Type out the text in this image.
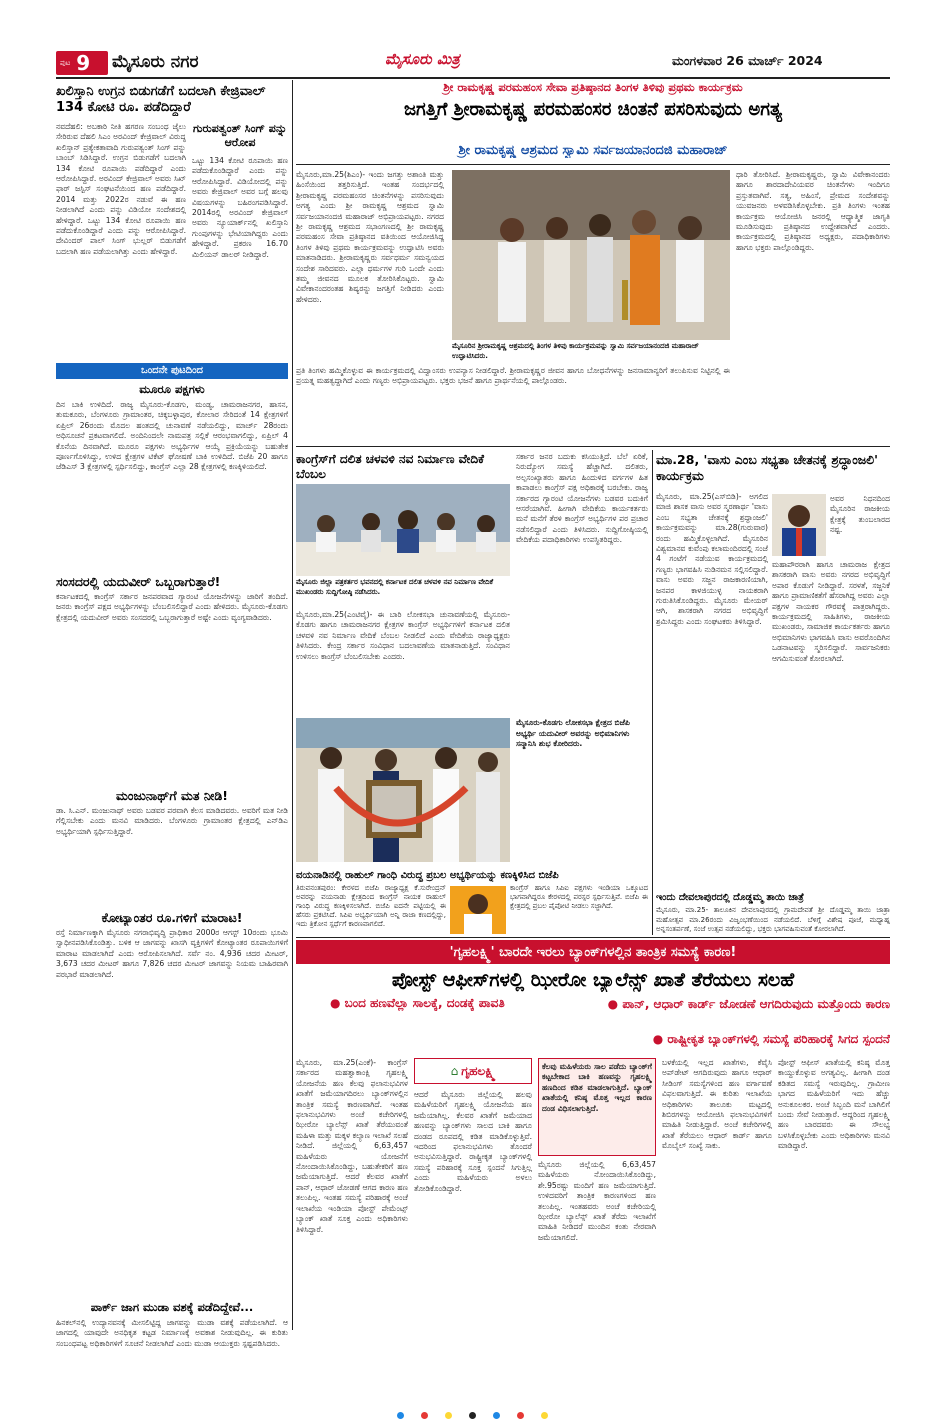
ಪುಟ 9 ಮೈಸೂರು ನಗರ	ಮೈಸೂರು ಮಿತ್ರ	ಮಂಗಳವಾರ 26 ಮಾರ್ಚ್ 2024
ಖಲಿಸ್ತಾನಿ ಉಗ್ರನ ಬಿಡುಗಡೆಗೆ ಬದಲಾಗಿ ಕೇಜ್ರಿವಾಲ್ 134 ಕೋಟಿ ರೂ. ಪಡೆದಿದ್ದಾರೆ
ನವದೆಹಲಿ: ಅಬಕಾರಿ ನೀತಿ ಹಗರಣ ಸಂಬಂಧ ಜೈಲು ಸೇರಿರುವ ದೆಹಲಿ ಸಿಎಂ ಅರವಿಂದ್ ಕೇಜ್ರಿವಾಲ್ ವಿರುದ್ಧ ಖಲಿಸ್ತಾನ್ ಪ್ರತ್ಯೇಕತಾವಾದಿ ಗುರುಪತ್ವಂತ್ ಸಿಂಗ್ ಪನ್ನು ಬಾಂಬ್ ಸಿಡಿಸಿದ್ದಾರೆ. ಉಗ್ರನ ಬಿಡುಗಡೆಗೆ ಬದಲಾಗಿ 134 ಕೋಟಿ ರೂಪಾಯಿ ಪಡೆದಿದ್ದಾರೆ ಎಂದು ಆರೋಪಿಸಿದ್ದಾರೆ. ಅರವಿಂದ್ ಕೇಜ್ರಿವಾಲ್ ಅವರು ಸಿಖ್ ಫಾರ್ ಜಸ್ಟಿಸ್ ಸಂಘಟನೆಯಿಂದ ಹಣ ಪಡೆದಿದ್ದಾರೆ. 2014 ಮತ್ತು 2022ರ ನಡುವೆ ಈ ಹಣ ನೀಡಲಾಗಿದೆ ಎಂದು ಪನ್ನು ವಿಡಿಯೋ ಸಂದೇಶದಲ್ಲಿ ಹೇಳಿದ್ದಾರೆ. ಒಟ್ಟು 134 ಕೋಟಿ ರೂಪಾಯಿ ಹಣ ಪಡೆದುಕೊಂಡಿದ್ದಾರೆ ಎಂದು ಪನ್ನು ಆರೋಪಿಸಿದ್ದಾರೆ. ದೇವಿಂದರ್ ಪಾಲ್ ಸಿಂಗ್ ಭುಲ್ಲರ್ ಬಿಡುಗಡೆಗೆ ಬದಲಾಗಿ ಹಣ ಪಡೆಯಲಾಗಿತ್ತು ಎಂದು ಹೇಳಿದ್ದಾರೆ.
ಗುರುಪತ್ವಂತ್ ಸಿಂಗ್ ಪನ್ನು ಆರೋಪ
ಒಟ್ಟು 134 ಕೋಟಿ ರೂಪಾಯಿ ಹಣ ಪಡೆದುಕೊಂಡಿದ್ದಾರೆ ಎಂದು ಪನ್ನು ಆರೋಪಿಸಿದ್ದಾರೆ. ವಿಡಿಯೋದಲ್ಲಿ ಪನ್ನು ಅವರು ಕೇಜ್ರಿವಾಲ್ ಅವರ ಬಗ್ಗೆ ಹಲವು ವಿಷಯಗಳನ್ನು ಬಹಿರಂಗಪಡಿಸಿದ್ದಾರೆ. 2014ರಲ್ಲಿ ಅರವಿಂದ್ ಕೇಜ್ರಿವಾಲ್ ಅವರು ನ್ಯೂಯಾರ್ಕ್‌ನಲ್ಲಿ ಖಲಿಸ್ತಾನಿ ಗುಂಪುಗಳನ್ನು ಭೇಟಿಯಾಗಿದ್ದರು ಎಂದು ಹೇಳಿದ್ದಾರೆ. ಪ್ರಕರಣ 16.70 ಮಿಲಿಯನ್ ಡಾಲರ್ ನೀಡಿದ್ದಾರೆ.
ಒಂದನೇ ಪುಟದಿಂದ
ಮೂರೂ ಪಕ್ಷಗಳು
ದಿನ ಬಾಕಿ ಉಳಿದಿದೆ. ರಾಜ್ಯ ಮೈಸೂರು-ಕೊಡಗು, ಮಂಡ್ಯ, ಚಾಮರಾಜನಗರ, ಹಾಸನ, ತುಮಕೂರು, ಬೆಂಗಳೂರು ಗ್ರಾಮಾಂತರ, ಚಿಕ್ಕಬಳ್ಳಾಪುರ, ಕೋಲಾರ ಸೇರಿದಂತೆ 14 ಕ್ಷೇತ್ರಗಳಿಗೆ ಏಪ್ರಿಲ್ 26ರಂದು ಮೊದಲ ಹಂತದಲ್ಲಿ ಚುನಾವಣೆ ನಡೆಯಲಿದ್ದು, ಮಾರ್ಚ್ 28ರಂದು ಅಧಿಸೂಚನೆ ಪ್ರಕಟವಾಗಲಿದೆ. ಅಂದಿನಿಂದಲೇ ನಾಮಪತ್ರ ಸಲ್ಲಿಕೆ ಆರಂಭವಾಗಲಿದ್ದು, ಏಪ್ರಿಲ್ 4 ಕೊನೆಯ ದಿನವಾಗಿದೆ. ಮೂರೂ ಪಕ್ಷಗಳು ಅಭ್ಯರ್ಥಿಗಳ ಆಯ್ಕೆ ಪ್ರಕ್ರಿಯೆಯನ್ನು ಬಹುತೇಕ ಪೂರ್ಣಗೊಳಿಸಿದ್ದು, ಉಳಿದ ಕ್ಷೇತ್ರಗಳ ಟಿಕೆಟ್ ಘೋಷಣೆ ಬಾಕಿ ಉಳಿದಿದೆ. ಬಿಜೆಪಿ 20 ಹಾಗೂ ಜೆಡಿಎಸ್ 3 ಕ್ಷೇತ್ರಗಳಲ್ಲಿ ಸ್ಪರ್ಧಿಸಲಿದ್ದು, ಕಾಂಗ್ರೆಸ್ ಎಲ್ಲಾ 28 ಕ್ಷೇತ್ರಗಳಲ್ಲಿ ಕಣಕ್ಕಿಳಿಯಲಿದೆ.
ಸಂಸದರಲ್ಲಿ ಯದುವೀರ್ ಒಬ್ಬರಾಗುತ್ತಾರೆ!
ಕರ್ನಾಟಕದಲ್ಲಿ ಕಾಂಗ್ರೆಸ್ ಸರ್ಕಾರ ಜನಪರವಾದ ಗ್ಯಾರಂಟಿ ಯೋಜನೆಗಳನ್ನು ಜಾರಿಗೆ ತಂದಿದೆ. ಜನರು ಕಾಂಗ್ರೆಸ್ ಪಕ್ಷದ ಅಭ್ಯರ್ಥಿಗಳನ್ನು ಬೆಂಬಲಿಸಲಿದ್ದಾರೆ ಎಂದು ಹೇಳಿದರು. ಮೈಸೂರು-ಕೊಡಗು ಕ್ಷೇತ್ರದಲ್ಲಿ ಯದುವೀರ್ ಅವರು ಸಂಸದರಲ್ಲಿ ಒಬ್ಬರಾಗುತ್ತಾರೆ ಅಷ್ಟೇ ಎಂದು ವ್ಯಂಗ್ಯವಾಡಿದರು.
ಮಂಜುನಾಥ್‌ಗೆ ಮತ ನೀಡಿ!
ಡಾ. ಸಿ.ಎನ್. ಮಂಜುನಾಥ್ ಅವರು ಬಡವರ ಪರವಾಗಿ ಕೆಲಸ ಮಾಡಿದವರು. ಅವರಿಗೆ ಮತ ನೀಡಿ ಗೆಲ್ಲಿಸಬೇಕು ಎಂದು ಮನವಿ ಮಾಡಿದರು. ಬೆಂಗಳೂರು ಗ್ರಾಮಾಂತರ ಕ್ಷೇತ್ರದಲ್ಲಿ ಎನ್‌ಡಿಎ ಅಭ್ಯರ್ಥಿಯಾಗಿ ಸ್ಪರ್ಧಿಸುತ್ತಿದ್ದಾರೆ.
ಕೋಟ್ಯಾಂತರ ರೂ.ಗಳಿಗೆ ಮಾರಾಟ!
ರಸ್ತೆ ನಿರ್ಮಾಣಕ್ಕಾಗಿ ಮೈಸೂರು ನಗರಾಭಿವೃದ್ಧಿ ಪ್ರಾಧಿಕಾರ 2000ರ ಆಗಸ್ಟ್ 10ರಂದು ಭೂಮಿ ಸ್ವಾಧೀನಪಡಿಸಿಕೊಂಡಿತ್ತು. ಬಳಿಕ ಆ ಜಾಗವನ್ನು ಖಾಸಗಿ ವ್ಯಕ್ತಿಗಳಿಗೆ ಕೋಟ್ಯಾಂತರ ರೂಪಾಯಿಗಳಿಗೆ ಮಾರಾಟ ಮಾಡಲಾಗಿದೆ ಎಂದು ಆರೋಪಿಸಲಾಗಿದೆ. ಸರ್ವೆ ನಂ. 4,936 ಚದರ ಮೀಟರ್, 3,673 ಚದರ ಮೀಟರ್ ಹಾಗೂ 7,826 ಚದರ ಮೀಟರ್ ಜಾಗವನ್ನು ನಿಯಮ ಬಾಹಿರವಾಗಿ ಪರಭಾರೆ ಮಾಡಲಾಗಿದೆ.
ಪಾರ್ಕ್ ಜಾಗ ಮುಡಾ ವಶಕ್ಕೆ ಪಡೆದಿದ್ದೇವೆ...
ಹಿನಕಲ್‌ನಲ್ಲಿ ಉದ್ಯಾನವನಕ್ಕೆ ಮೀಸಲಿಟ್ಟಿದ್ದ ಜಾಗವನ್ನು ಮುಡಾ ವಶಕ್ಕೆ ಪಡೆಯಲಾಗಿದೆ. ಆ ಜಾಗದಲ್ಲಿ ಯಾವುದೇ ಅನಧಿಕೃತ ಕಟ್ಟಡ ನಿರ್ಮಾಣಕ್ಕೆ ಅವಕಾಶ ನೀಡುವುದಿಲ್ಲ. ಈ ಕುರಿತು ಸಂಬಂಧಪಟ್ಟ ಅಧಿಕಾರಿಗಳಿಗೆ ಸೂಚನೆ ನೀಡಲಾಗಿದೆ ಎಂದು ಮುಡಾ ಆಯುಕ್ತರು ಸ್ಪಷ್ಟಪಡಿಸಿದರು.
ಶ್ರೀ ರಾಮಕೃಷ್ಣ ಪರಮಹಂಸ ಸೇವಾ ಪ್ರತಿಷ್ಠಾನದ ತಿಂಗಳ ತಿಳಿವು ಪ್ರಥಮ ಕಾರ್ಯಕ್ರಮ
ಜಗತ್ತಿಗೆ ಶ್ರೀರಾಮಕೃಷ್ಣ ಪರಮಹಂಸರ ಚಿಂತನೆ ಪಸರಿಸುವುದು ಅಗತ್ಯ
ಶ್ರೀ ರಾಮಕೃಷ್ಣ ಆಶ್ರಮದ ಸ್ವಾಮಿ ಸರ್ವಜಯಾನಂದಜಿ ಮಹಾರಾಜ್
ಮೈಸೂರು,ಮಾ.25(ಶಿಎಂ)- ಇಂದು ಜಗತ್ತು ಅಶಾಂತಿ ಮತ್ತು ಹಿಂಸೆಯಿಂದ ತತ್ತರಿಸುತ್ತಿದೆ. ಇಂತಹ ಸಂದರ್ಭದಲ್ಲಿ ಶ್ರೀರಾಮಕೃಷ್ಣ ಪರಮಹಂಸರ ಚಿಂತನೆಗಳನ್ನು ಪಸರಿಸುವುದು ಅಗತ್ಯ ಎಂದು ಶ್ರೀ ರಾಮಕೃಷ್ಣ ಆಶ್ರಮದ ಸ್ವಾಮಿ ಸರ್ವಜಯಾನಂದಜಿ ಮಹಾರಾಜ್ ಅಭಿಪ್ರಾಯಪಟ್ಟರು. ನಗರದ ಶ್ರೀ ರಾಮಕೃಷ್ಣ ಆಶ್ರಮದ ಸಭಾಂಗಣದಲ್ಲಿ ಶ್ರೀ ರಾಮಕೃಷ್ಣ ಪರಮಹಂಸ ಸೇವಾ ಪ್ರತಿಷ್ಠಾನದ ವತಿಯಿಂದ ಆಯೋಜಿಸಿದ್ದ ತಿಂಗಳ ತಿಳಿವು ಪ್ರಥಮ ಕಾರ್ಯಕ್ರಮವನ್ನು ಉದ್ಘಾಟಿಸಿ ಅವರು ಮಾತನಾಡಿದರು. ಶ್ರೀರಾಮಕೃಷ್ಣರು ಸರ್ವಧರ್ಮ ಸಮನ್ವಯದ ಸಂದೇಶ ಸಾರಿದವರು. ಎಲ್ಲಾ ಧರ್ಮಗಳ ಗುರಿ ಒಂದೇ ಎಂದು ತಮ್ಮ ಜೀವನದ ಮೂಲಕ ತೋರಿಸಿಕೊಟ್ಟರು. ಸ್ವಾಮಿ ವಿವೇಕಾನಂದರಂತಹ ಶಿಷ್ಯರನ್ನು ಜಗತ್ತಿಗೆ ನೀಡಿದರು ಎಂದು ಹೇಳಿದರು.
ಮೈಸೂರಿನ ಶ್ರೀರಾಮಕೃಷ್ಣ ಆಶ್ರಮದಲ್ಲಿ ತಿಂಗಳ ತಿಳಿವು ಕಾರ್ಯಕ್ರಮವನ್ನು ಸ್ವಾಮಿ ಸರ್ವಜಯಾನಂದಜಿ ಮಹಾರಾಜ್ ಉದ್ಘಾಟಿಸಿದರು.
ಧಾರಿ ತೋರಿಸಿದೆ. ಶ್ರೀರಾಮಕೃಷ್ಣರು, ಸ್ವಾಮಿ ವಿವೇಕಾನಂದರು ಹಾಗೂ ಶಾರದಾದೇವಿಯವರ ಚಿಂತನೆಗಳು ಇಂದಿಗೂ ಪ್ರಸ್ತುತವಾಗಿವೆ. ಸತ್ಯ, ಅಹಿಂಸೆ, ಪ್ರೇಮದ ಸಂದೇಶವನ್ನು ಯುವಜನರು ಅಳವಡಿಸಿಕೊಳ್ಳಬೇಕು. ಪ್ರತಿ ತಿಂಗಳು ಇಂತಹ ಕಾರ್ಯಕ್ರಮ ಆಯೋಜಿಸಿ ಜನರಲ್ಲಿ ಆಧ್ಯಾತ್ಮಿಕ ಜಾಗೃತಿ ಮೂಡಿಸುವುದು ಪ್ರತಿಷ್ಠಾನದ ಉದ್ದೇಶವಾಗಿದೆ ಎಂದರು. ಕಾರ್ಯಕ್ರಮದಲ್ಲಿ ಪ್ರತಿಷ್ಠಾನದ ಅಧ್ಯಕ್ಷರು, ಪದಾಧಿಕಾರಿಗಳು ಹಾಗೂ ಭಕ್ತರು ಪಾಲ್ಗೊಂಡಿದ್ದರು.
ಪ್ರತಿ ತಿಂಗಳು ಹಮ್ಮಿಕೊಳ್ಳುವ ಈ ಕಾರ್ಯಕ್ರಮದಲ್ಲಿ ವಿದ್ವಾಂಸರು ಉಪನ್ಯಾಸ ನೀಡಲಿದ್ದಾರೆ. ಶ್ರೀರಾಮಕೃಷ್ಣರ ಜೀವನ ಹಾಗೂ ಬೋಧನೆಗಳನ್ನು ಜನಸಾಮಾನ್ಯರಿಗೆ ತಲುಪಿಸುವ ನಿಟ್ಟಿನಲ್ಲಿ ಈ ಪ್ರಯತ್ನ ಮಹತ್ವದ್ದಾಗಿದೆ ಎಂದು ಗಣ್ಯರು ಅಭಿಪ್ರಾಯಪಟ್ಟರು. ಭಕ್ತರು ಭಜನೆ ಹಾಗೂ ಪ್ರಾರ್ಥನೆಯಲ್ಲಿ ಪಾಲ್ಗೊಂಡರು.
ಕಾಂಗ್ರೆಸ್‌ಗೆ ದಲಿತ ಚಳವಳಿ ನವ ನಿರ್ಮಾಣ ವೇದಿಕೆ ಬೆಂಬಲ
ಮೈಸೂರು ಜಿಲ್ಲಾ ಪತ್ರಕರ್ತರ ಭವನದಲ್ಲಿ ಕರ್ನಾಟಕ ದಲಿತ ಚಳವಳಿ ನವ ನಿರ್ಮಾಣ ವೇದಿಕೆ ಮುಖಂಡರು ಸುದ್ದಿಗೋಷ್ಠಿ ನಡೆಸಿದರು.
ಮೈಸೂರು,ಮಾ.25(ಎಂಟಿವೈ)- ಈ ಬಾರಿ ಲೋಕಸಭಾ ಚುನಾವಣೆಯಲ್ಲಿ ಮೈಸೂರು-ಕೊಡಗು ಹಾಗೂ ಚಾಮರಾಜನಗರ ಕ್ಷೇತ್ರಗಳ ಕಾಂಗ್ರೆಸ್ ಅಭ್ಯರ್ಥಿಗಳಿಗೆ ಕರ್ನಾಟಕ ದಲಿತ ಚಳವಳಿ ನವ ನಿರ್ಮಾಣ ವೇದಿಕೆ ಬೆಂಬಲ ನೀಡಲಿದೆ ಎಂದು ವೇದಿಕೆಯ ರಾಜ್ಯಾಧ್ಯಕ್ಷರು ತಿಳಿಸಿದರು. ಕೇಂದ್ರ ಸರ್ಕಾರ ಸಂವಿಧಾನ ಬದಲಾವಣೆಯ ಮಾತನಾಡುತ್ತಿದೆ. ಸಂವಿಧಾನ ಉಳಿಸಲು ಕಾಂಗ್ರೆಸ್ ಬೆಂಬಲಿಸಬೇಕು ಎಂದರು.
ಸರ್ಕಾರ ಜನರ ಬದುಕು ಕಸಿಯುತ್ತಿದೆ. ಬೆಲೆ ಏರಿಕೆ, ನಿರುದ್ಯೋಗ ಸಮಸ್ಯೆ ಹೆಚ್ಚಾಗಿದೆ. ದಲಿತರು, ಅಲ್ಪಸಂಖ್ಯಾತರು ಹಾಗೂ ಹಿಂದುಳಿದ ವರ್ಗಗಳ ಹಿತ ಕಾಪಾಡಲು ಕಾಂಗ್ರೆಸ್ ಪಕ್ಷ ಅಧಿಕಾರಕ್ಕೆ ಬರಬೇಕು. ರಾಜ್ಯ ಸರ್ಕಾರದ ಗ್ಯಾರಂಟಿ ಯೋಜನೆಗಳು ಬಡವರ ಬದುಕಿಗೆ ಆಸರೆಯಾಗಿವೆ. ಹೀಗಾಗಿ ವೇದಿಕೆಯ ಕಾರ್ಯಕರ್ತರು ಮನೆ ಮನೆಗೆ ತೆರಳಿ ಕಾಂಗ್ರೆಸ್ ಅಭ್ಯರ್ಥಿಗಳ ಪರ ಪ್ರಚಾರ ನಡೆಸಲಿದ್ದಾರೆ ಎಂದು ತಿಳಿಸಿದರು. ಸುದ್ದಿಗೋಷ್ಠಿಯಲ್ಲಿ ವೇದಿಕೆಯ ಪದಾಧಿಕಾರಿಗಳು ಉಪಸ್ಥಿತರಿದ್ದರು.
ಮೈಸೂರು-ಕೊಡಗು ಲೋಕಸಭಾ ಕ್ಷೇತ್ರದ ಬಿಜೆಪಿ ಅಭ್ಯರ್ಥಿ ಯದುವೀರ್ ಅವರನ್ನು ಅಭಿಮಾನಿಗಳು ಸನ್ಮಾನಿಸಿ ಶುಭ ಕೋರಿದರು.
ವಯನಾಡಿನಲ್ಲಿ ರಾಹುಲ್ ಗಾಂಧಿ ವಿರುದ್ಧ ಪ್ರಬಲ ಅಭ್ಯರ್ಥಿಯನ್ನು ಕಣಕ್ಕಿಳಿಸಿದ ಬಿಜೆಪಿ
ತಿರುವನಂತಪುರಂ: ಕೇರಳದ ಬಿಜೆಪಿ ರಾಜ್ಯಾಧ್ಯಕ್ಷ ಕೆ.ಸುರೇಂದ್ರನ್ ಅವರನ್ನು ವಯನಾಡು ಕ್ಷೇತ್ರದಿಂದ ಕಾಂಗ್ರೆಸ್ ನಾಯಕ ರಾಹುಲ್ ಗಾಂಧಿ ವಿರುದ್ಧ ಕಣಕ್ಕಿಳಿಸಲಾಗಿದೆ. ಬಿಜೆಪಿ ಐದನೇ ಪಟ್ಟಿಯಲ್ಲಿ ಈ ಹೆಸರು ಪ್ರಕಟಿಸಿದೆ. ಸಿಪಿಐ ಅಭ್ಯರ್ಥಿಯಾಗಿ ಅನ್ನಿ ರಾಜಾ ಕಣದಲ್ಲಿದ್ದು, ಇದು ತ್ರಿಕೋನ ಸ್ಪರ್ಧೆಗೆ ಕಾರಣವಾಗಲಿದೆ.
ಕಾಂಗ್ರೆಸ್ ಹಾಗೂ ಸಿಪಿಐ ಪಕ್ಷಗಳು ಇಂಡಿಯಾ ಒಕ್ಕೂಟದ ಭಾಗವಾಗಿದ್ದರೂ ಕೇರಳದಲ್ಲಿ ಪರಸ್ಪರ ಸ್ಪರ್ಧಿಸುತ್ತಿವೆ. ಬಿಜೆಪಿ ಈ ಕ್ಷೇತ್ರದಲ್ಲಿ ಪ್ರಬಲ ಪೈಪೋಟಿ ನೀಡಲು ಸಜ್ಜಾಗಿದೆ.
ಮಾ.28, 'ವಾಸು ಎಂಬ ಸಭ್ಯತಾ ಚೇತನಕ್ಕೆ ಶ್ರದ್ಧಾಂಜಲಿ' ಕಾರ್ಯಕ್ರಮ
ಮೈಸೂರು, ಮಾ.25(ಎಸ್‌ಬಿಡಿ)- ಅಗಲಿದ ಮಾಜಿ ಶಾಸಕ ವಾಸು ಅವರ ಸ್ಮರಣಾರ್ಥ 'ವಾಸು ಎಂಬ ಸಭ್ಯತಾ ಚೇತನಕ್ಕೆ ಶ್ರದ್ಧಾಂಜಲಿ' ಕಾರ್ಯಕ್ರಮವನ್ನು ಮಾ.28(ಗುರುವಾರ) ರಂದು ಹಮ್ಮಿಕೊಳ್ಳಲಾಗಿದೆ. ಮೈಸೂರಿನ ವಿಶ್ವಮಾನವ ಕುವೆಂಪು ಕಲಾಮಂದಿರದಲ್ಲಿ ಸಂಜೆ 4 ಗಂಟೆಗೆ ನಡೆಯುವ ಕಾರ್ಯಕ್ರಮದಲ್ಲಿ ಗಣ್ಯರು ಭಾಗವಹಿಸಿ ನುಡಿನಮನ ಸಲ್ಲಿಸಲಿದ್ದಾರೆ. ವಾಸು ಅವರು ಸಜ್ಜನ ರಾಜಕಾರಣಿಯಾಗಿ, ಜನಪರ ಕಾಳಜಿಯುಳ್ಳ ನಾಯಕರಾಗಿ ಗುರುತಿಸಿಕೊಂಡಿದ್ದರು. ಮೈಸೂರು ಮೇಯರ್ ಆಗಿ, ಶಾಸಕರಾಗಿ ನಗರದ ಅಭಿವೃದ್ಧಿಗೆ ಶ್ರಮಿಸಿದ್ದರು ಎಂದು ಸಂಘಟಕರು ತಿಳಿಸಿದ್ದಾರೆ.
ಅವರ ನಿಧನದಿಂದ ಮೈಸೂರಿನ ರಾಜಕೀಯ ಕ್ಷೇತ್ರಕ್ಕೆ ತುಂಬಲಾರದ ನಷ್ಟ.
ಮಹಾಪೌರರಾಗಿ ಹಾಗೂ ಚಾಮರಾಜ ಕ್ಷೇತ್ರದ ಶಾಸಕರಾಗಿ ವಾಸು ಅವರು ನಗರದ ಅಭಿವೃದ್ಧಿಗೆ ಅಪಾರ ಕೊಡುಗೆ ನೀಡಿದ್ದಾರೆ. ಸರಳತೆ, ಸಜ್ಜನಿಕೆ ಹಾಗೂ ಪ್ರಾಮಾಣಿಕತೆಗೆ ಹೆಸರಾಗಿದ್ದ ಅವರು ಎಲ್ಲಾ ಪಕ್ಷಗಳ ನಾಯಕರ ಗೌರವಕ್ಕೆ ಪಾತ್ರರಾಗಿದ್ದರು. ಕಾರ್ಯಕ್ರಮದಲ್ಲಿ ಸಾಹಿತಿಗಳು, ರಾಜಕೀಯ ಮುಖಂಡರು, ಸಾಮಾಜಿಕ ಕಾರ್ಯಕರ್ತರು ಹಾಗೂ ಅಭಿಮಾನಿಗಳು ಭಾಗವಹಿಸಿ ವಾಸು ಅವರೊಂದಿಗಿನ ಒಡನಾಟವನ್ನು ಸ್ಮರಿಸಲಿದ್ದಾರೆ. ಸಾರ್ವಜನಿಕರು ಆಗಮಿಸುವಂತೆ ಕೋರಲಾಗಿದೆ.
ಇಂದು ದೇವಲಾಪುರದಲ್ಲಿ ದೊಡ್ಡಮ್ಮ ತಾಯಿ ಜಾತ್ರೆ
ಮೈಸೂರು, ಮಾ.25- ತಾಲೂಕಿನ ದೇವಲಾಪುರದಲ್ಲಿ ಗ್ರಾಮದೇವತೆ ಶ್ರೀ ದೊಡ್ಡಮ್ಮ ತಾಯಿ ಜಾತ್ರಾ ಮಹೋತ್ಸವ ಮಾ.26ರಂದು ವಿಜೃಂಭಣೆಯಿಂದ ನಡೆಯಲಿದೆ. ಬೆಳಿಗ್ಗೆ ವಿಶೇಷ ಪೂಜೆ, ಮಧ್ಯಾಹ್ನ ಅನ್ನಸಂತರ್ಪಣೆ, ಸಂಜೆ ಉತ್ಸವ ನಡೆಯಲಿದ್ದು, ಭಕ್ತರು ಭಾಗವಹಿಸುವಂತೆ ಕೋರಲಾಗಿದೆ.
'ಗೃಹಲಕ್ಷ್ಮಿ' ಬಾರದೇ ಇರಲು ಬ್ಯಾಂಕ್‌ಗಳಲ್ಲಿನ ತಾಂತ್ರಿಕ ಸಮಸ್ಯೆ ಕಾರಣ!
ಪೋಸ್ಟ್ ಆಫೀಸ್‌ಗಳಲ್ಲಿ ಝೀರೋ ಬ್ಯಾಲೆನ್ಸ್ ಖಾತೆ ತೆರೆಯಲು ಸಲಹೆ
● ಬಂದ ಹಣವೆಲ್ಲಾ ಸಾಲಕ್ಕೆ, ದಂಡಕ್ಕೆ ಪಾವತಿ	● ಪಾನ್, ಆಧಾರ್ ಕಾರ್ಡ್ ಜೋಡಣೆ ಆಗದಿರುವುದು ಮತ್ತೊಂದು ಕಾರಣ
● ರಾಷ್ಟ್ರೀಕೃತ ಬ್ಯಾಂಕ್‌ಗಳಲ್ಲಿ ಸಮಸ್ಯೆ ಪರಿಹಾರಕ್ಕೆ ಸಿಗದ ಸ್ಪಂದನೆ
ಮೈಸೂರು, ಮಾ.25(ಎಂಕೆ)- ಕಾಂಗ್ರೆಸ್ ಸರ್ಕಾರದ ಮಹತ್ವಾಕಾಂಕ್ಷಿ ಗೃಹಲಕ್ಷ್ಮಿ ಯೋಜನೆಯ ಹಣ ಕೆಲವು ಫಲಾನುಭವಿಗಳ ಖಾತೆಗೆ ಜಮೆಯಾಗದಿರಲು ಬ್ಯಾಂಕ್‌ಗಳಲ್ಲಿನ ತಾಂತ್ರಿಕ ಸಮಸ್ಯೆ ಕಾರಣವಾಗಿದೆ. ಇಂತಹ ಫಲಾನುಭವಿಗಳು ಅಂಚೆ ಕಚೇರಿಗಳಲ್ಲಿ ಝೀರೋ ಬ್ಯಾಲೆನ್ಸ್ ಖಾತೆ ತೆರೆಯುವಂತೆ ಮಹಿಳಾ ಮತ್ತು ಮಕ್ಕಳ ಕಲ್ಯಾಣ ಇಲಾಖೆ ಸಲಹೆ ನೀಡಿದೆ. ಜಿಲ್ಲೆಯಲ್ಲಿ 6,63,457 ಮಹಿಳೆಯರು ಯೋಜನೆಗೆ ನೋಂದಾಯಿಸಿಕೊಂಡಿದ್ದು, ಬಹುತೇಕರಿಗೆ ಹಣ ಜಮೆಯಾಗುತ್ತಿದೆ. ಆದರೆ ಕೆಲವರ ಖಾತೆಗೆ ಪಾನ್, ಆಧಾರ್ ಜೋಡಣೆ ಆಗದ ಕಾರಣ ಹಣ ತಲುಪಿಲ್ಲ. ಇಂತಹ ಸಮಸ್ಯೆ ಪರಿಹಾರಕ್ಕೆ ಅಂಚೆ ಇಲಾಖೆಯ ಇಂಡಿಯಾ ಪೋಸ್ಟ್ ಪೇಮೆಂಟ್ಸ್ ಬ್ಯಾಂಕ್ ಖಾತೆ ಸೂಕ್ತ ಎಂದು ಅಧಿಕಾರಿಗಳು ತಿಳಿಸಿದ್ದಾರೆ.
⌂ ಗೃಹಲಕ್ಷ್ಮಿ
ಆದರೆ ಮೈಸೂರು ಜಿಲ್ಲೆಯಲ್ಲಿ ಹಲವು ಮಹಿಳೆಯರಿಗೆ ಗೃಹಲಕ್ಷ್ಮಿ ಯೋಜನೆಯ ಹಣ ಜಮೆಯಾಗಿಲ್ಲ. ಕೆಲವರ ಖಾತೆಗೆ ಜಮೆಯಾದ ಹಣವನ್ನು ಬ್ಯಾಂಕ್‌ಗಳು ಸಾಲದ ಬಾಕಿ ಹಾಗೂ ದಂಡದ ರೂಪದಲ್ಲಿ ಕಡಿತ ಮಾಡಿಕೊಳ್ಳುತ್ತಿವೆ. ಇದರಿಂದ ಫಲಾನುಭವಿಗಳು ತೊಂದರೆ ಅನುಭವಿಸುತ್ತಿದ್ದಾರೆ. ರಾಷ್ಟ್ರೀಕೃತ ಬ್ಯಾಂಕ್‌ಗಳಲ್ಲಿ ಸಮಸ್ಯೆ ಪರಿಹಾರಕ್ಕೆ ಸೂಕ್ತ ಸ್ಪಂದನೆ ಸಿಗುತ್ತಿಲ್ಲ ಎಂದು ಮಹಿಳೆಯರು ಅಳಲು ತೋಡಿಕೊಂಡಿದ್ದಾರೆ.
ಕೆಲವು ಮಹಿಳೆಯರು ಸಾಲ ಪಡೆದು ಬ್ಯಾಂಕ್‌ಗೆ ಕಟ್ಟಬೇಕಾದ ಬಾಕಿ ಹಣವನ್ನು ಗೃಹಲಕ್ಷ್ಮಿ ಹಣದಿಂದ ಕಡಿತ ಮಾಡಲಾಗುತ್ತಿದೆ. ಬ್ಯಾಂಕ್ ಖಾತೆಯಲ್ಲಿ ಕನಿಷ್ಠ ಮೊತ್ತ ಇಲ್ಲದ ಕಾರಣ ದಂಡ ವಿಧಿಸಲಾಗುತ್ತಿದೆ.
ಮೈಸೂರು ಜಿಲ್ಲೆಯಲ್ಲಿ 6,63,457 ಮಹಿಳೆಯರು ನೋಂದಾಯಿಸಿಕೊಂಡಿದ್ದು, ಶೇ.95ರಷ್ಟು ಮಂದಿಗೆ ಹಣ ಜಮೆಯಾಗುತ್ತಿದೆ. ಉಳಿದವರಿಗೆ ತಾಂತ್ರಿಕ ಕಾರಣಗಳಿಂದ ಹಣ ತಲುಪಿಲ್ಲ. ಇಂತಹವರು ಅಂಚೆ ಕಚೇರಿಯಲ್ಲಿ ಝೀರೋ ಬ್ಯಾಲೆನ್ಸ್ ಖಾತೆ ತೆರೆದು ಇಲಾಖೆಗೆ ಮಾಹಿತಿ ನೀಡಿದರೆ ಮುಂದಿನ ಕಂತು ನೇರವಾಗಿ ಜಮೆಯಾಗಲಿದೆ.
ಬಳಕೆಯಲ್ಲಿ ಇಲ್ಲದ ಖಾತೆಗಳು, ಕೆವೈಸಿ ಅಪ್‌ಡೇಟ್ ಆಗದಿರುವುದು ಹಾಗೂ ಆಧಾರ್ ಸೀಡಿಂಗ್ ಸಮಸ್ಯೆಗಳಿಂದ ಹಣ ವರ್ಗಾವಣೆ ವಿಫಲವಾಗುತ್ತಿದೆ. ಈ ಕುರಿತು ಇಲಾಖೆಯ ಅಧಿಕಾರಿಗಳು ತಾಲೂಕು ಮಟ್ಟದಲ್ಲಿ ಶಿಬಿರಗಳನ್ನು ಆಯೋಜಿಸಿ ಫಲಾನುಭವಿಗಳಿಗೆ ಮಾಹಿತಿ ನೀಡುತ್ತಿದ್ದಾರೆ. ಅಂಚೆ ಕಚೇರಿಗಳಲ್ಲಿ ಖಾತೆ ತೆರೆಯಲು ಆಧಾರ್ ಕಾರ್ಡ್ ಹಾಗೂ ಮೊಬೈಲ್ ಸಂಖ್ಯೆ ಸಾಕು.
ಪೋಸ್ಟ್ ಆಫೀಸ್ ಖಾತೆಯಲ್ಲಿ ಕನಿಷ್ಠ ಮೊತ್ತ ಕಾಯ್ದುಕೊಳ್ಳುವ ಅಗತ್ಯವಿಲ್ಲ. ಹೀಗಾಗಿ ದಂಡ ಕಡಿತದ ಸಮಸ್ಯೆ ಇರುವುದಿಲ್ಲ. ಗ್ರಾಮೀಣ ಭಾಗದ ಮಹಿಳೆಯರಿಗೆ ಇದು ಹೆಚ್ಚು ಅನುಕೂಲಕರ. ಅಂಚೆ ಸಿಬ್ಬಂದಿ ಮನೆ ಬಾಗಿಲಿಗೆ ಬಂದು ಸೇವೆ ನೀಡುತ್ತಾರೆ. ಆದ್ದರಿಂದ ಗೃಹಲಕ್ಷ್ಮಿ ಹಣ ಬಾರದವರು ಈ ಸೌಲಭ್ಯ ಬಳಸಿಕೊಳ್ಳಬೇಕು ಎಂದು ಅಧಿಕಾರಿಗಳು ಮನವಿ ಮಾಡಿದ್ದಾರೆ.
